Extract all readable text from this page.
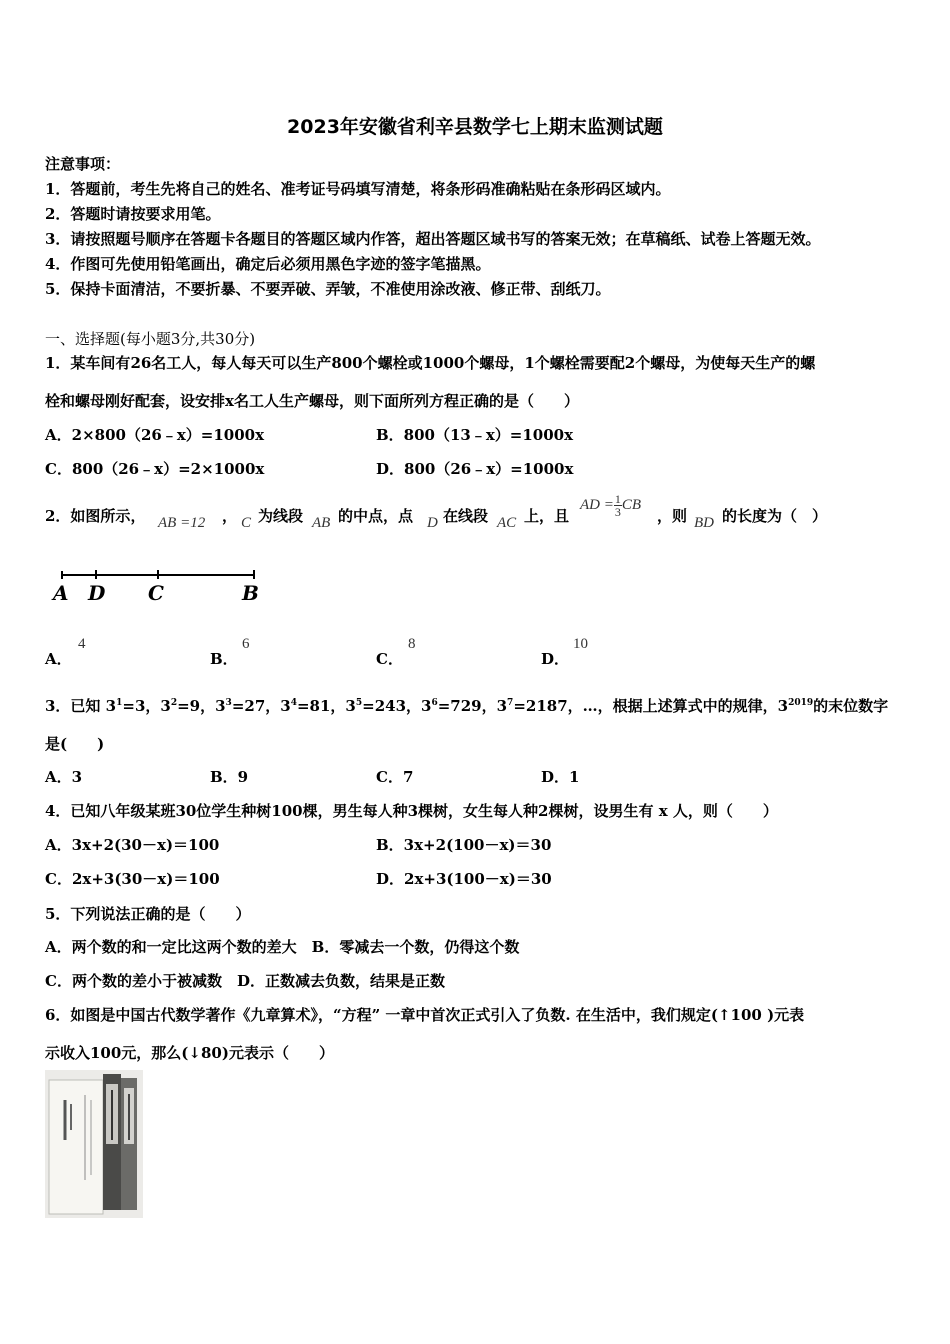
2023年安徽省利辛县数学七上期末监测试题
注意事项：
1．答题前，考生先将自己的姓名、准考证号码填写清楚，将条形码准确粘贴在条形码区域内。
2．答题时请按要求用笔。
3．请按照题号顺序在答题卡各题目的答题区域内作答，超出答题区域书写的答案无效；在草稿纸、试卷上答题无效。
4．作图可先使用铅笔画出，确定后必须用黑色字迹的签字笔描黑。
5．保持卡面清洁，不要折暴、不要弄破、弄皱，不准使用涂改液、修正带、刮纸刀。
一、选择题(每小题3分,共30分)
1．某车间有26名工人，每人每天可以生产800个螺栓或1000个螺母，1个螺栓需要配2个螺母，为使每天生产的螺
栓和螺母刚好配套，设安排x名工人生产螺母，则下面所列方程正确的是（　　）
A．2×800（26﹣x）=1000x	B．800（13﹣x）=1000x
C．800（26﹣x）=2×1000x	D．800（26﹣x）=1000x
2．如图所示， AB =12 ， C 为线段 AB 的中点，点 D 在线段 AC 上，且
AD = $\frac{1}{3}$ CB
，则 BD 的长度为（　）
A D C	B
A．
4
B．
6
C．
8
D．
10
3．已知 $3^1=3$，$3^2=9$，$3^3=27$，$3^4=81$，$3^5=243$，$3^6=729$，$3^7=2187$，…，根据上述算式中的规律，$3^{2019}$的末位数字
是(　　)
A．3	B．9	C．7	D．1
4．已知八年级某班30位学生种树100棵，男生每人种3棵树，女生每人种2棵树，设男生有 x 人，则（　　）
A．3x+2(30－x)＝100	B．3x+2(100－x)＝30
C．2x+3(30－x)＝100	D．2x+3(100－x)＝30
5．下列说法正确的是（　　）
A．两个数的和一定比这两个数的差大　B．零减去一个数，仍得这个数
C．两个数的差小于被减数　D．正数减去负数，结果是正数
6．如图是中国古代数学著作《九章算术》，“方程” 一章中首次正式引入了负数. 在生活中，我们规定(↑100 )元表
示收入100元，那么(↓80)元表示（　　）
